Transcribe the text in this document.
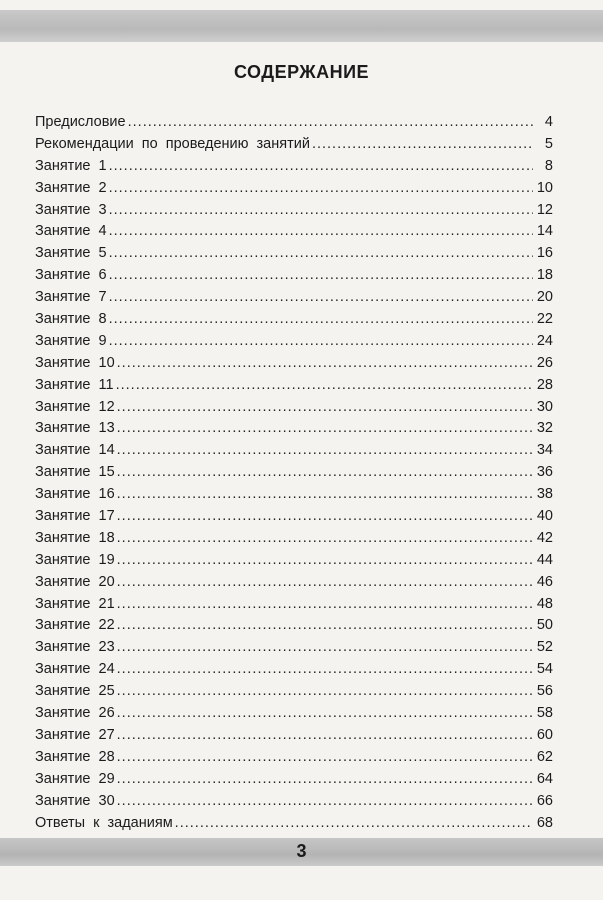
СОДЕРЖАНИЕ
Предисловие .....	4
Рекомендации по проведению занятий .....	5
Занятие 1 .....	8
Занятие 2 .....	10
Занятие 3 .....	12
Занятие 4 .....	14
Занятие 5 .....	16
Занятие 6 .....	18
Занятие 7 .....	20
Занятие 8 .....	22
Занятие 9 .....	24
Занятие 10 .....	26
Занятие 11 .....	28
Занятие 12 .....	30
Занятие 13 .....	32
Занятие 14 .....	34
Занятие 15 .....	36
Занятие 16 .....	38
Занятие 17 .....	40
Занятие 18 .....	42
Занятие 19 .....	44
Занятие 20 .....	46
Занятие 21 .....	48
Занятие 22 .....	50
Занятие 23 .....	52
Занятие 24 .....	54
Занятие 25 .....	56
Занятие 26 .....	58
Занятие 27 .....	60
Занятие 28 .....	62
Занятие 29 .....	64
Занятие 30 .....	66
Ответы к заданиям .....	68
3
